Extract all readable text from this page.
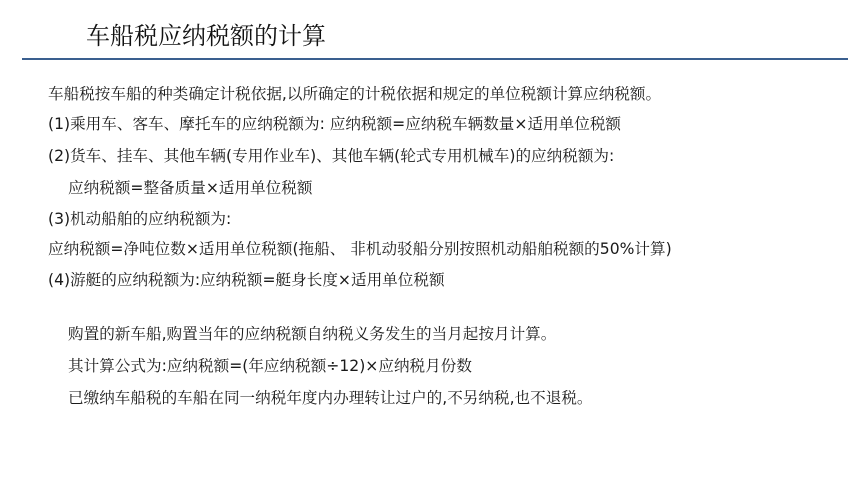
车船税应纳税额的计算
车船税按车船的种类确定计税依据,以所确定的计税依据和规定的单位税额计算应纳税额。
(1)乘用车、客车、摩托车的应纳税额为: 应纳税额=应纳税车辆数量×适用单位税额
(2)货车、挂车、其他车辆(专用作业车)、其他车辆(轮式专用机械车)的应纳税额为:
应纳税额=整备质量×适用单位税额
(3)机动船舶的应纳税额为:
应纳税额=净吨位数×适用单位税额(拖船、 非机动驳船分别按照机动船舶税额的50%计算)
(4)游艇的应纳税额为:应纳税额=艇身长度×适用单位税额
购置的新车船,购置当年的应纳税额自纳税义务发生的当月起按月计算。
其计算公式为:应纳税额=(年应纳税额÷12)×应纳税月份数
已缴纳车船税的车船在同一纳税年度内办理转让过户的,不另纳税,也不退税。
